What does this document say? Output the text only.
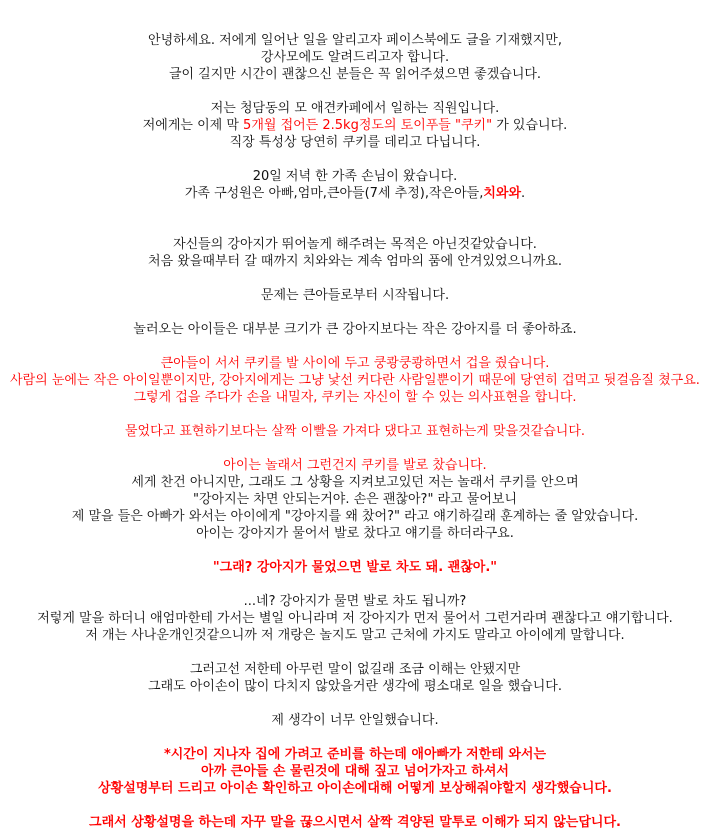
안녕하세요. 저에게 일어난 일을 알리고자 페이스북에도 글을 기재했지만,
강사모에도 알려드리고자 합니다.
글이 길지만 시간이 괜찮으신 분들은 꼭 읽어주셨으면 좋겠습니다.
저는 청담동의 모 애견카페에서 일하는 직원입니다.
저에게는 이제 막 5개월 접어든 2.5kg정도의 토이푸들 "쿠키" 가 있습니다.
직장 특성상 당연히 쿠키를 데리고 다닙니다.
20일 저녁 한 가족 손님이 왔습니다.
가족 구성원은 아빠,엄마,큰아들(7세 추정),작은아들,치와와.
자신들의 강아지가 뛰어놀게 해주려는 목적은 아닌것같았습니다.
처음 왔을때부터 갈 때까지 치와와는 계속 엄마의 품에 안겨있었으니까요.
문제는 큰아들로부터 시작됩니다.
놀러오는 아이들은 대부분 크기가 큰 강아지보다는 작은 강아지를 더 좋아하죠.
큰아들이 서서 쿠키를 발 사이에 두고 쿵쾅쿵쾅하면서 겁을 줬습니다.
사람의 눈에는 작은 아이일뿐이지만, 강아지에게는 그냥 낯선 커다란 사람일뿐이기 때문에 당연히 겁먹고 뒷걸음질 쳤구요.
그렇게 겁을 주다가 손을 내밀자, 쿠키는 자신이 할 수 있는 의사표현을 합니다.
물었다고 표현하기보다는 살짝 이빨을 가져다 댔다고 표현하는게 맞을것같습니다.
아이는 놀래서 그런건지 쿠키를 발로 찼습니다.
세게 찬건 아니지만, 그래도 그 상황을 지켜보고있던 저는 놀래서 쿠키를 안으며
"강아지는 차면 안되는거야. 손은 괜찮아?" 라고 물어보니
제 말을 들은 아빠가 와서는 아이에게 "강아지를 왜 찼어?" 라고 얘기하길래 훈계하는 줄 알았습니다.
아이는 강아지가 물어서 발로 찼다고 얘기를 하더라구요.
"그래? 강아지가 물었으면 발로 차도 돼. 괜찮아."
...네? 강아지가 물면 발로 차도 됩니까?
저렇게 말을 하더니 애엄마한테 가서는 별일 아니라며 저 강아지가 먼저 물어서 그런거라며 괜찮다고 얘기합니다.
저 개는 사나운개인것같으니까 저 개랑은 놀지도 말고 근처에 가지도 말라고 아이에게 말합니다.
그러고선 저한테 아무런 말이 없길래 조금 이해는 안됐지만
그래도 아이손이 많이 다치지 않았을거란 생각에 평소대로 일을 했습니다.
제 생각이 너무 안일했습니다.
*시간이 지나자 집에 가려고 준비를 하는데 애아빠가 저한테 와서는
아까 큰아들 손 물린것에 대해 짚고 넘어가자고 하셔서
상황설명부터 드리고 아이손 확인하고 아이손에대해 어떻게 보상해줘야할지 생각했습니다.
그래서 상황설명을 하는데 자꾸 말을 끊으시면서 살짝 격양된 말투로 이해가 되지 않는답니다.
